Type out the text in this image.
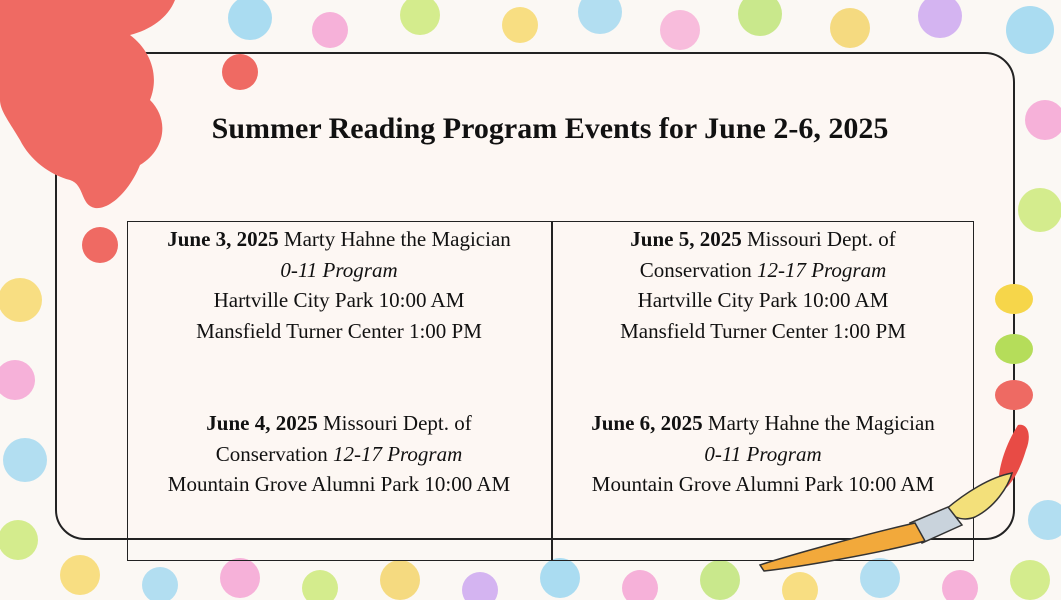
Summer Reading Program Events for June 2-6, 2025
June 3, 2025 Marty Hahne the Magician
0-11 Program
Hartville City Park 10:00 AM
Mansfield Turner Center 1:00 PM
June 5, 2025 Missouri Dept. of
Conservation 12-17 Program
Hartville City Park 10:00 AM
Mansfield Turner Center 1:00 PM
June 4, 2025 Missouri Dept. of
Conservation 12-17 Program
Mountain Grove Alumni Park 10:00 AM
June 6, 2025 Marty Hahne the Magician
0-11 Program
Mountain Grove Alumni Park 10:00 AM
